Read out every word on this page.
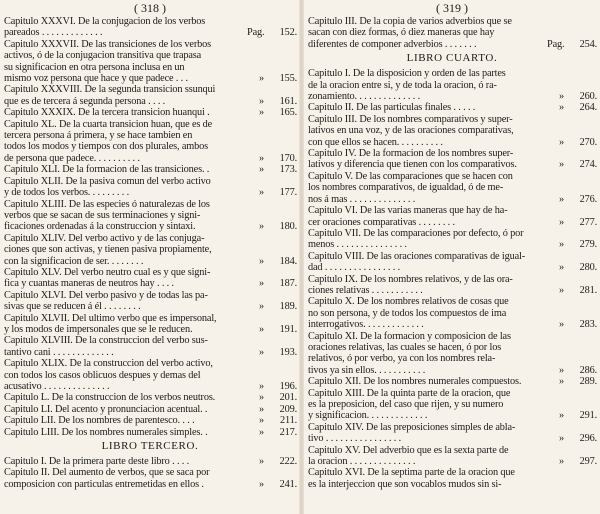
( 318 )
Capitulo XXXVI. De la conjugacion de los verbos
pareados . . . . . . . . . . . . .	Pag.	152.
Capitulo XXXVII. De las transiciones de los verbos
activos, ó de la conjugacion transitiva que trapasa
su significacion en otra persona inclusa en un
mismo voz persona que hace y que padece . . .	»	155.
Capitulo XXXVIII. De la segunda transicion ssunqui
que es de tercera á segunda persona . . . .	»	161.
Capitulo XXXIX. De la tercera transicion huanqui .	»	165.
Capitulo XL. De la cuarta transicion huan, que es de
tercera persona á primera, y se hace tambien en
todos los modos y tiempos con dos plurales, ambos
de persona que padece. . . . . . . . . .	»	170.
Capitulo XLI. De la formacion de las transiciones. .	»	173.
Capitulo XLII. De la pasiva comun del verbo activo
y de todos los verbos. . . . . . . . .	»	177.
Capitulo XLIII. De las especies ó naturalezas de los
verbos que se sacan de sus terminaciones y signi-
ficaciones ordenadas á la construccion y sintaxi.	»	180.
Capitulo XLIV. Del verbo activo y de las conjuga-
ciones que son activas, y tienen pasiva propiamente,
con la significacion de ser. . . . . . . .	»	184.
Capitulo XLV. Del verbo neutro cual es y que signi-
fica y cuantas maneras de neutros hay . . . .	»	187.
Capitulo XLVI. Del verbo pasivo y de todas las pa-
sivas que se reducen á él . . . . . . . .	»	189.
Capitulo XLVII. Del ultimo verbo que es impersonal,
y los modos de impersonales que se le reducen.	»	191.
Capitulo XLVIII. De la construccion del verbo sus-
tantivo cani . . . . . . . . . . . . .	»	193.
Capitulo XLIX. De la construccion del verbo activo,
con todos los casos oblicuos despues y demas del
acusativo . . . . . . . . . . . . . .	»	196.
Capitulo L. De la construccion de los verbos neutros.	»	201.
Capitulo LI. Del acento y pronunciacion acentual. .	»	209.
Capitulo LII. De los nombres de parentesco. . . .	»	211.
Capitulo LIII. De los nombres numerales simples. .	»	217.
LIBRO TERCERO.
Capitulo I. De la primera parte deste libro . . . .	»	222.
Capitulo II. Del aumento de verbos, que se saca por
composicion con particulas entremetidas en ellos .	»	241.
( 319 )
Capitulo III. De la copia de varios adverbios que se
sacan con diez formas, ó diez maneras que hay
diferentes de componer adverbios . . . . . . .	Pag.	254.
LIBRO CUARTO.
Capitulo I. De la disposicion y orden de las partes
de la oracion entre si, y de toda la oracion, ó ra-
zonamiento. . . . . . . . . . . . . .	»	260.
Capitulo II. De las particulas finales . . . . .	»	264.
Capitulo III. De los nombres comparativos y super-
lativos en una voz, y de las oraciones comparativas,
con que ellos se hacen. . . . . . . . . .	»	270.
Capitulo IV. De la formacion de los nombres super-
lativos y diferencia que tienen con los comparativos.	»	274.
Capitulo V. De las comparaciones que se hacen con
los nombres comparativos, de igualdad, ó de me-
nos á mas . . . . . . . . . . . . . .	»	276.
Capitulo VI. De las varias maneras que hay de ha-
cer oraciones comparativas . . . . . . . .	»	277.
Capitulo VII. De las comparaciones por defecto, ó por
menos . . . . . . . . . . . . . . .	»	279.
Capitulo VIII. De las oraciones comparativas de igual-
dad . . . . . . . . . . . . . . . .	»	280.
Capitulo IX. De los nombres relativos, y de las ora-
ciones relativas . . . . . . . . . . .	»	281.
Capitulo X. De los nombres relativos de cosas que
no son persona, y de todos los compuestos de ima
interrogativos. . . . . . . . . . . . .	»	283.
Capitulo XI. De la formacion y composicion de las
oraciones relativas, las cuales se hacen, ó por los
relativos, ó por verbo, ya con los nombres rela-
tivos ya sin ellos. . . . . . . . . . .	»	286.
Capitulo XII. De los nombres numerales compuestos.	»	289.
Capitulo XIII. De la quinta parte de la oracion, que
es la preposicion, del caso que rijen, y su numero
y significacion. . . . . . . . . . . . .	»	291.
Capitulo XIV. De las preposiciones simples de abla-
tivo . . . . . . . . . . . . . . . .	»	296.
Capitulo XV. Del adverbio que es la sexta parte de
la oracion . . . . . . . . . . . . . .	»	297.
Capitulo XVI. De la septima parte de la oracion que
es la interjeccion que son vocablos mudos sin si-
